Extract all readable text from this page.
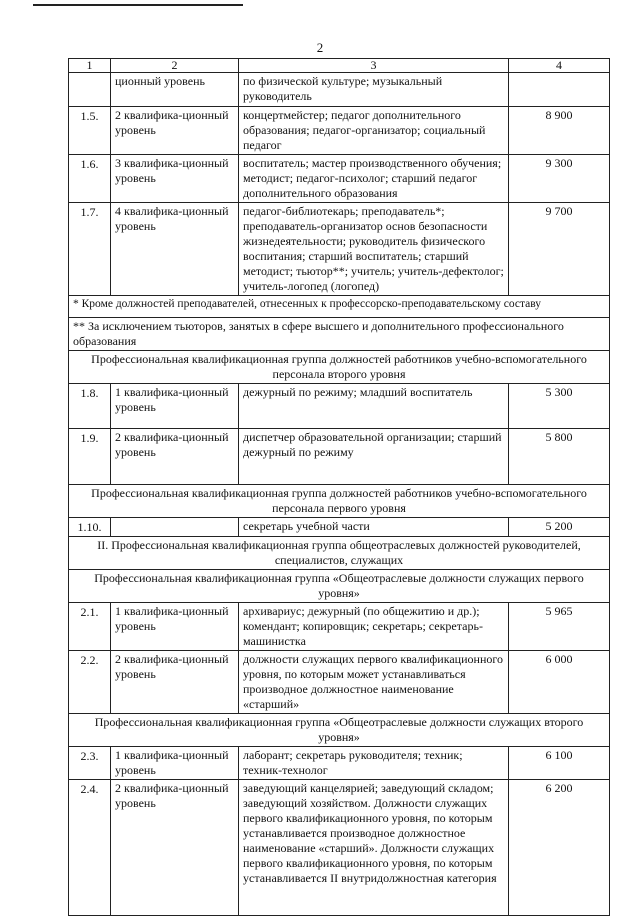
2
1	2	3	4
	ционный уровень	по физической культуре; музыкальный руководитель	
1.5.	2 квалифика-ционный уровень	концертмейстер; педагог дополнительного образования; педагог-организатор; социальный педагог	8 900
1.6.	3 квалифика-ционный уровень	воспитатель; мастер производственного обучения; методист; педагог-психолог; старший педагог дополнительного образования	9 300
1.7.	4 квалифика-ционный уровень	педагог-библиотекарь; преподаватель*; преподаватель-организатор основ безопасности жизнедеятельности; руководитель физического воспитания; старший воспитатель; старший методист; тьютор**; учитель; учитель-дефектолог; учитель-логопед (логопед)	9 700
* Кроме должностей преподавателей, отнесенных к профессорско-преподавательскому составу			
** За исключением тьюторов, занятых в сфере высшего и дополнительного профессионального образования			
Профессиональная квалификационная группа должностей работников учебно-вспомогательного персонала второго уровня			
1.8.	1 квалифика-ционный уровень	дежурный по режиму; младший воспитатель	5 300
1.9.	2 квалифика-ционный уровень	диспетчер образовательной организации; старший дежурный по режиму	5 800
Профессиональная квалификационная группа должностей работников учебно-вспомогательного персонала первого уровня			
1.10.		секретарь учебной части	5 200
II. Профессиональная квалификационная группа общеотраслевых должностей руководителей, специалистов, служащих			
Профессиональная квалификационная группа «Общеотраслевые должности служащих первого уровня»			
2.1.	1 квалифика-ционный уровень	архивариус; дежурный (по общежитию и др.); комендант; копировщик; секретарь; секретарь-машинистка	5 965
2.2.	2 квалифика-ционный уровень	должности служащих первого квалификационного уровня, по которым может устанавливаться производное должностное наименование «старший»	6 000
Профессиональная квалификационная группа «Общеотраслевые должности служащих второго уровня»			
2.3.	1 квалифика-ционный уровень	лаборант; секретарь руководителя; техник; техник-технолог	6 100
2.4.	2 квалифика-ционный уровень	заведующий канцелярией; заведующий складом; заведующий хозяйством. Должности служащих первого квалификационного уровня, по которым устанавливается производное должностное наименование «старший». Должности служащих первого квалификационного уровня, по которым устанавливается II внутридолжностная категория	6 200
